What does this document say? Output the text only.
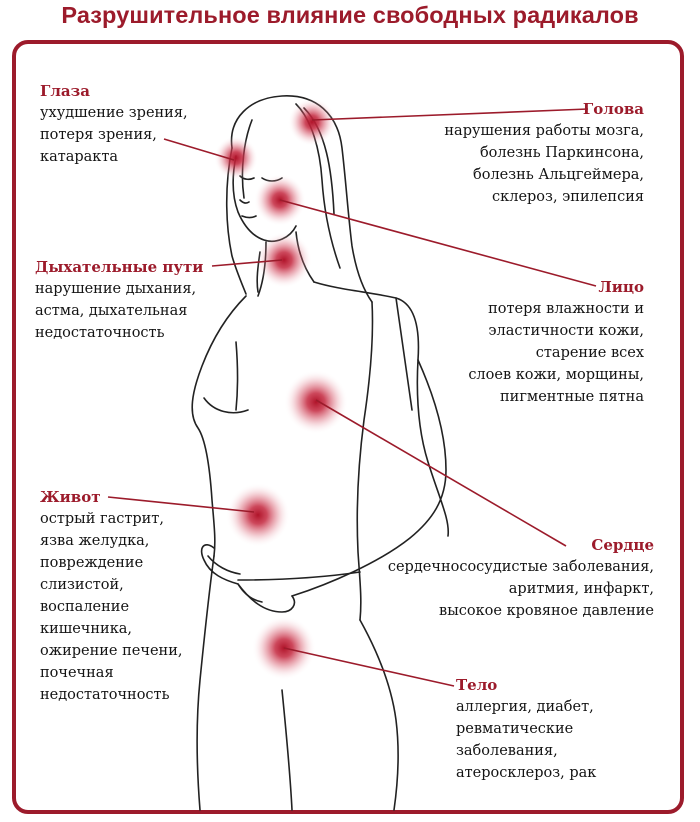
Разрушительное влияние свободных радикалов
Глаза
ухудшение зрения,
потеря зрения,
катаракта
Голова
нарушения работы мозга,
болезнь Паркинсона,
болезнь Альцгеймера,
склероз, эпилепсия
Дыхательные пути
нарушение дыхания,
астма, дыхательная
недостаточность
Лицо
потеря влажности и
эластичности кожи,
старение всех
слоев кожи, морщины,
пигментные пятна
Живот
острый гастрит,
язва желудка,
повреждение
слизистой,
воспаление
кишечника,
ожирение печени,
почечная
недостаточность
Сердце
сердечнососудистые заболевания,
аритмия, инфаркт,
высокое кровяное давление
Тело
аллергия, диабет,
ревматические
заболевания,
атеросклероз, рак
